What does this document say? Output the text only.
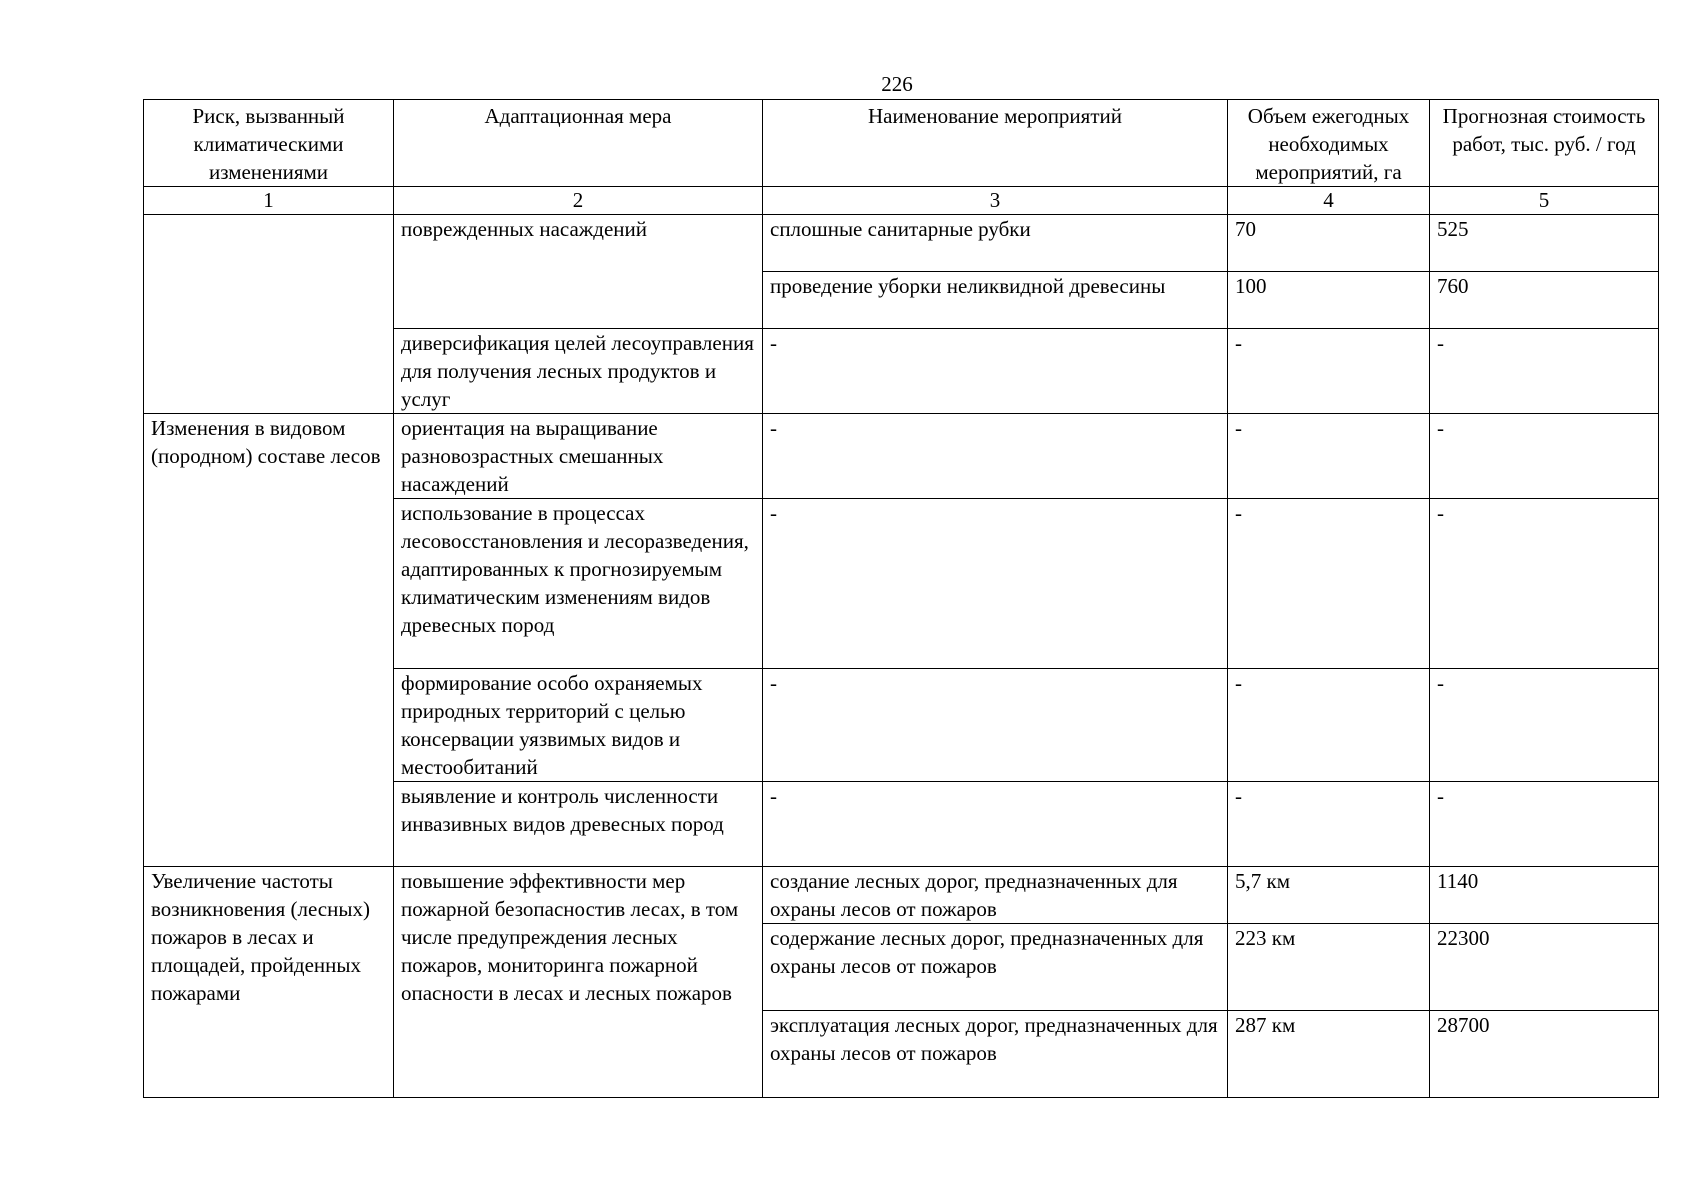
226
Риск, вызванный климатическими изменениями	Адаптационная мера	Наименование мероприятий	Объем ежегодных необходимых мероприятий, га	Прогнозная стоимость работ, тыс. руб. / год
1	2	3	4	5
	поврежденных насаждений	сплошные санитарные рубки	70	525
		проведение уборки неликвидной древесины	100	760
	диверсификация целей лесоуправления для получения лесных продуктов и услуг	-	-	-
Изменения в видовом (породном) составе лесов	ориентация на выращивание разновозрастных смешанных насаждений	-	-	-
	использование в процессах лесовосстановления и лесоразведения, адаптированных к прогнозируемым климатическим изменениям видов древесных пород	-	-	-
	формирование особо охраняемых природных территорий с целью консервации уязвимых видов и местообитаний	-	-	-
	выявление и контроль численности инвазивных видов древесных пород	-	-	-
Увеличение частоты возникновения (лесных) пожаров в лесах и площадей, пройденных пожарами	повышение эффективности мер пожарной безопасностив лесах, в том числе предупреждения лесных пожаров, мониторинга пожарной опасности в лесах и лесных пожаров	создание лесных дорог, предназначенных для охраны лесов от пожаров	5,7 км	1140
		содержание лесных дорог, предназначенных для охраны лесов от пожаров	223 км	22300
		эксплуатация лесных дорог, предназначенных для охраны лесов от пожаров	287 км	28700
